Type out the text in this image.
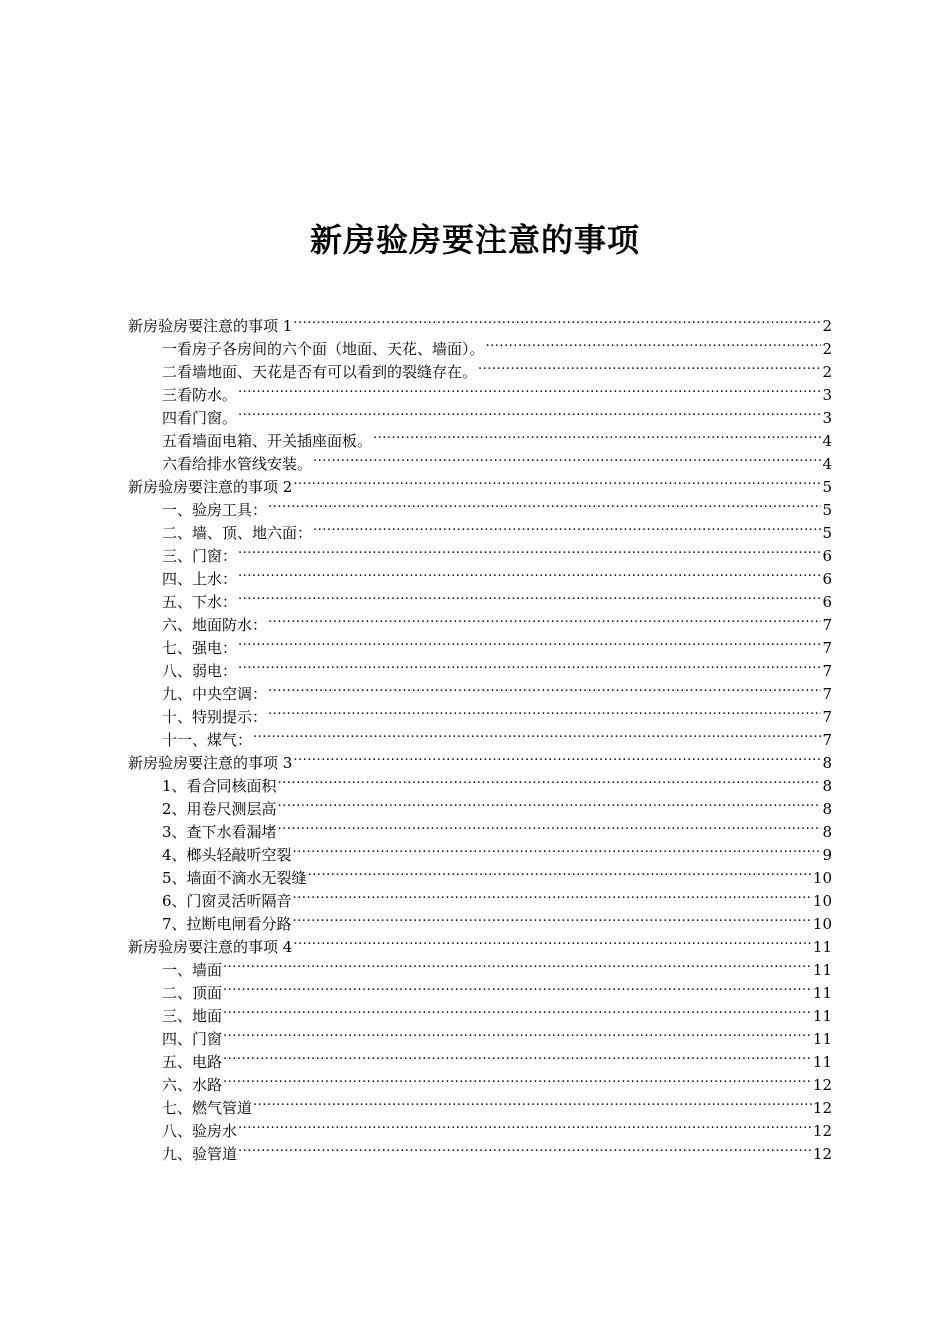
新房验房要注意的事项
新房验房要注意的事项 1 .....	2
一看房子各房间的六个面（地面、天花、墙面）。 .....	2
二看墙地面、天花是否有可以看到的裂缝存在。 .....	2
三看防水。 .....	3
四看门窗。 .....	3
五看墙面电箱、开关插座面板。 .....	4
六看给排水管线安装。 .....	4
新房验房要注意的事项 2 .....	5
一、验房工具： .....	5
二、墙、顶、地六面： .....	5
三、门窗： .....	6
四、上水： .....	6
五、下水： .....	6
六、地面防水： .....	7
七、强电： .....	7
八、弱电： .....	7
九、中央空调： .....	7
十、特别提示： .....	7
十一、煤气： .....	7
新房验房要注意的事项 3 .....	8
1、看合同核面积 .....	8
2、用卷尺测层高 .....	8
3、查下水看漏堵 .....	8
4、榔头轻敲听空裂 .....	9
5、墙面不滴水无裂缝 .....	10
6、门窗灵活听隔音 .....	10
7、拉断电闸看分路 .....	10
新房验房要注意的事项 4 .....	11
一、墙面 .....	11
二、顶面 .....	11
三、地面 .....	11
四、门窗 .....	11
五、电路 .....	11
六、水路 .....	12
七、燃气管道 .....	12
八、验房水 .....	12
九、验管道 .....	12
